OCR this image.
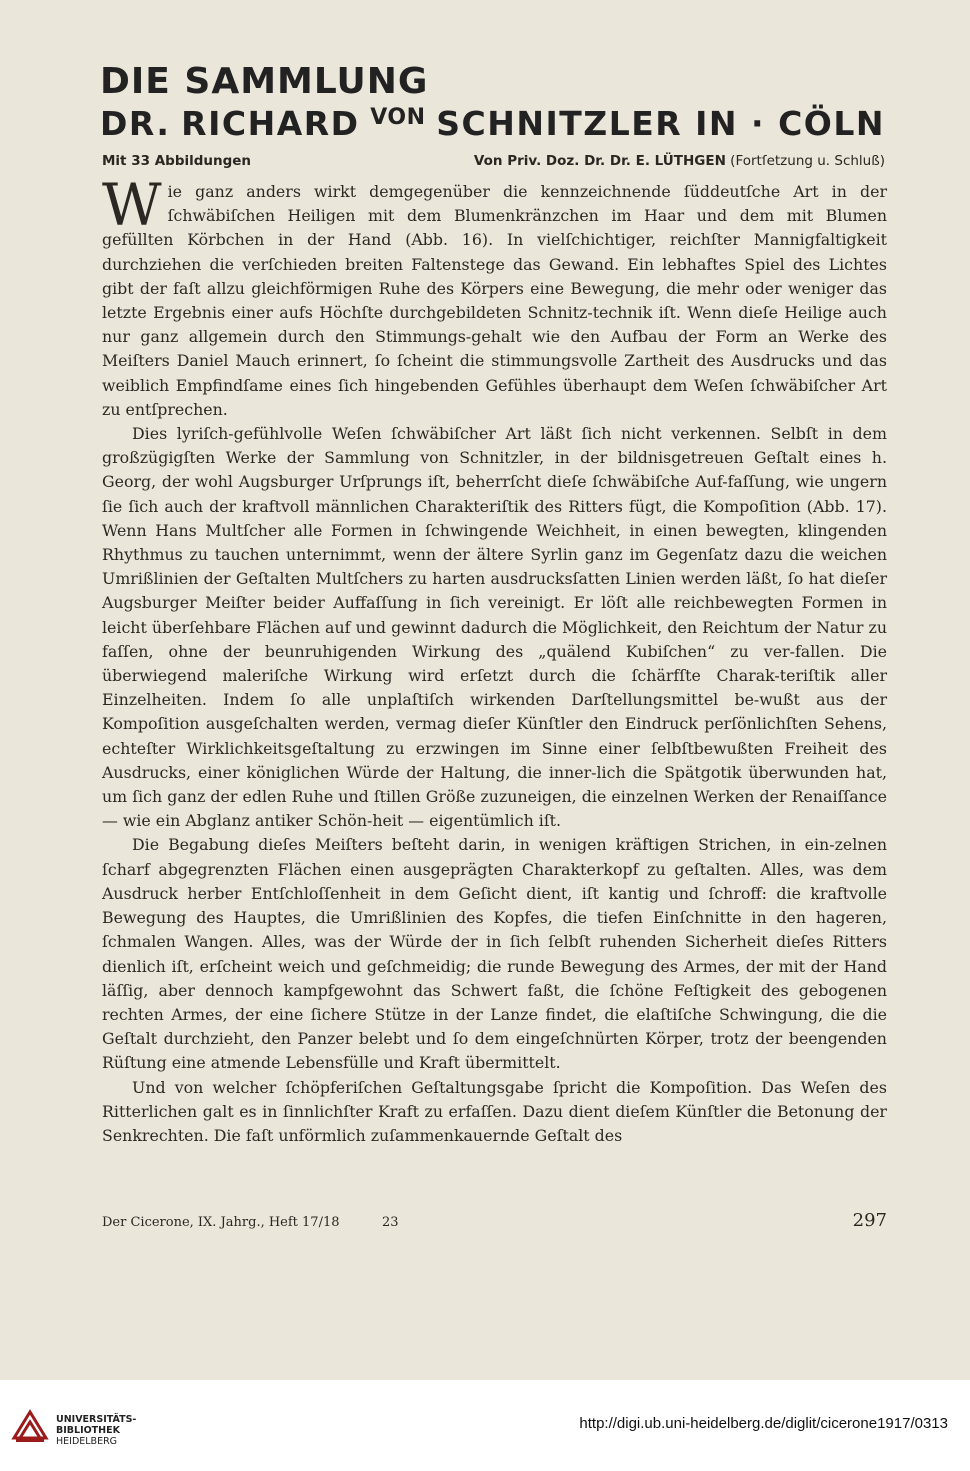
DIE SAMMLUNG
DR. RICHARD VON SCHNITZLER IN · CÖLN
Mit 33 Abbildungen	Von Priv. Doz. Dr. Dr. E. LÜTHGEN (Fortſetzung u. Schluß)

Wie ganz anders wirkt demgegenüber die kennzeichnende ſüddeutſche Art in der ſchwäbiſchen Heiligen mit dem Blumenkränzchen im Haar und dem mit Blumen gefüllten Körbchen in der Hand (Abb. 16). In vielſchichtiger, reichſter Mannigfaltigkeit durchziehen die verſchieden breiten Faltenstege das Gewand. Ein lebhaftes Spiel des Lichtes gibt der faſt allzu gleichförmigen Ruhe des Körpers eine Bewegung, die mehr oder weniger das letzte Ergebnis einer aufs Höchſte durchgebildeten Schnitz-technik iſt. Wenn dieſe Heilige auch nur ganz allgemein durch den Stimmungs-gehalt wie den Aufbau der Form an Werke des Meiſters Daniel Mauch erinnert, ſo ſcheint die stimmungsvolle Zartheit des Ausdrucks und das weiblich Empfindſame eines ſich hingebenden Gefühles überhaupt dem Weſen ſchwäbiſcher Art zu entſprechen.

Dies lyriſch-gefühlvolle Weſen ſchwäbiſcher Art läßt ſich nicht verkennen. Selbſt in dem großzügigſten Werke der Sammlung von Schnitzler, in der bildnisgetreuen Geſtalt eines h. Georg, der wohl Augsburger Urſprungs iſt, beherrſcht dieſe ſchwäbiſche Auf-faſſung, wie ungern ſie ſich auch der kraftvoll männlichen Charakteriſtik des Ritters fügt, die Kompoſition (Abb. 17). Wenn Hans Multſcher alle Formen in ſchwingende Weichheit, in einen bewegten, klingenden Rhythmus zu tauchen unternimmt, wenn der ältere Syrlin ganz im Gegenſatz dazu die weichen Umrißlinien der Geſtalten Multſchers zu harten ausdrucksſatten Linien werden läßt, ſo hat dieſer Augsburger Meiſter beider Auffaſſung in ſich vereinigt. Er löſt alle reichbewegten Formen in leicht überſehbare Flächen auf und gewinnt dadurch die Möglichkeit, den Reichtum der Natur zu faſſen, ohne der beunruhigenden Wirkung des „quälend Kubiſchen“ zu ver-fallen. Die überwiegend maleriſche Wirkung wird erſetzt durch die ſchärfſte Charak-teriſtik aller Einzelheiten. Indem ſo alle unplaſtiſch wirkenden Darſtellungsmittel be-wußt aus der Kompoſition ausgeſchalten werden, vermag dieſer Künſtler den Eindruck perſönlichſten Sehens, echteſter Wirklichkeitsgeſtaltung zu erzwingen im Sinne einer ſelbſtbewußten Freiheit des Ausdrucks, einer königlichen Würde der Haltung, die inner-lich die Spätgotik überwunden hat, um ſich ganz der edlen Ruhe und ſtillen Größe zuzuneigen, die einzelnen Werken der Renaiſſance — wie ein Abglanz antiker Schön-heit — eigentümlich iſt.

Die Begabung dieſes Meiſters beſteht darin, in wenigen kräftigen Strichen, in ein-zelnen ſcharf abgegrenzten Flächen einen ausgeprägten Charakterkopf zu geſtalten. Alles, was dem Ausdruck herber Entſchloſſenheit in dem Geſicht dient, iſt kantig und ſchroff: die kraftvolle Bewegung des Hauptes, die Umrißlinien des Kopfes, die tiefen Einſchnitte in den hageren, ſchmalen Wangen. Alles, was der Würde der in ſich ſelbſt ruhenden Sicherheit dieſes Ritters dienlich iſt, erſcheint weich und geſchmeidig; die runde Bewegung des Armes, der mit der Hand läſſig, aber dennoch kampfgewohnt das Schwert faßt, die ſchöne Feſtigkeit des gebogenen rechten Armes, der eine ſichere Stütze in der Lanze findet, die elaſtiſche Schwingung, die die Geſtalt durchzieht, den Panzer belebt und ſo dem eingeſchnürten Körper, trotz der beengenden Rüſtung eine atmende Lebensfülle und Kraft übermittelt.

Und von welcher ſchöpferiſchen Geſtaltungsgabe ſpricht die Kompoſition. Das Weſen des Ritterlichen galt es in ſinnlichſter Kraft zu erfaſſen. Dazu dient dieſem Künſtler die Betonung der Senkrechten. Die faſt unförmlich zuſammenkauernde Geſtalt des

Der Cicerone, IX. Jahrg., Heft 17/18	23	297
UNIVERSITÄTS-
BIBLIOTHEK
HEIDELBERG
http://digi.ub.uni-heidelberg.de/diglit/cicerone1917/0313
